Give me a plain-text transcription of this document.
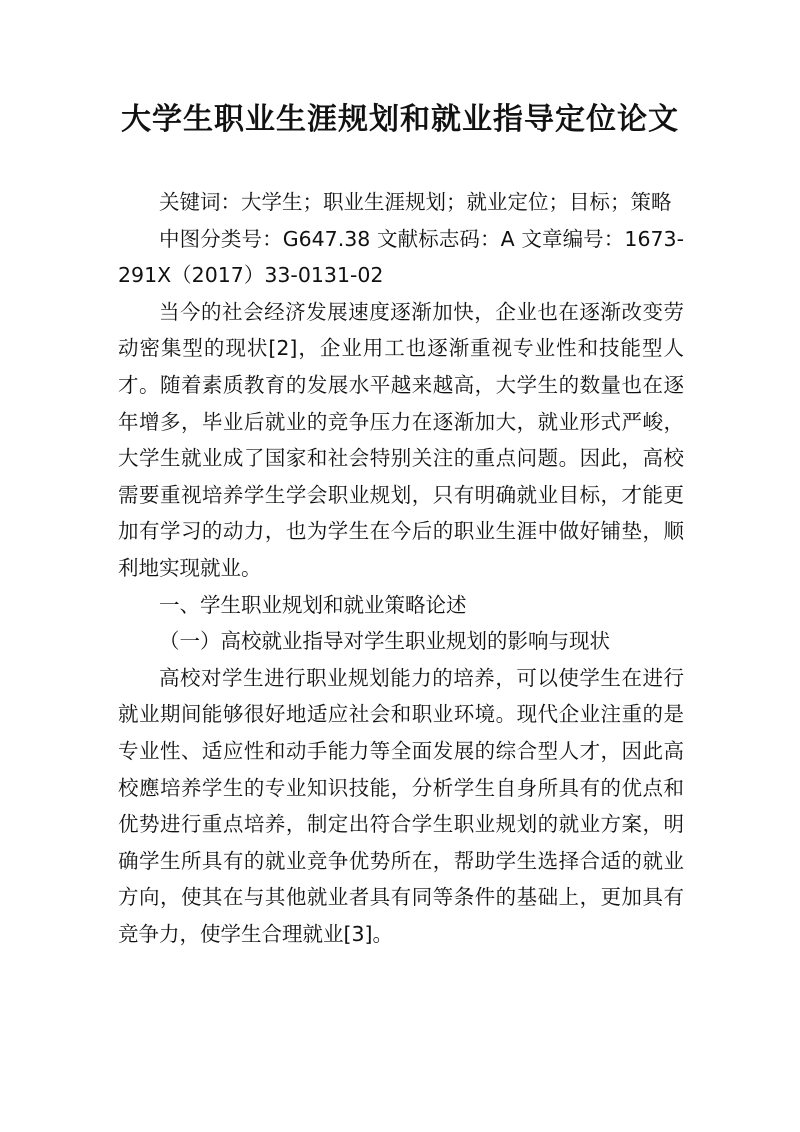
大学生职业生涯规划和就业指导定位论文

关键词：大学生；职业生涯规划；就业定位；目标；策略

中图分类号：G647.38 文献标志码：A 文章编号：1673-291X（2017）33-0131-02

当今的社会经济发展速度逐渐加快，企业也在逐渐改变劳动密集型的现状[2]，企业用工也逐渐重视专业性和技能型人才。随着素质教育的发展水平越来越高，大学生的数量也在逐年增多，毕业后就业的竞争压力在逐渐加大，就业形式严峻，大学生就业成了国家和社会特别关注的重点问题。因此，高校需要重视培养学生学会职业规划，只有明确就业目标，才能更加有学习的动力，也为学生在今后的职业生涯中做好铺垫，顺利地实现就业。

一、学生职业规划和就业策略论述

（一）高校就业指导对学生职业规划的影响与现状

高校对学生进行职业规划能力的培养，可以使学生在进行就业期间能够很好地适应社会和职业环境。现代企业注重的是专业性、适应性和动手能力等全面发展的综合型人才，因此高校應培养学生的专业知识技能，分析学生自身所具有的优点和优势进行重点培养，制定出符合学生职业规划的就业方案，明确学生所具有的就业竞争优势所在，帮助学生选择合适的就业方向，使其在与其他就业者具有同等条件的基础上，更加具有竞争力，使学生合理就业[3]。
